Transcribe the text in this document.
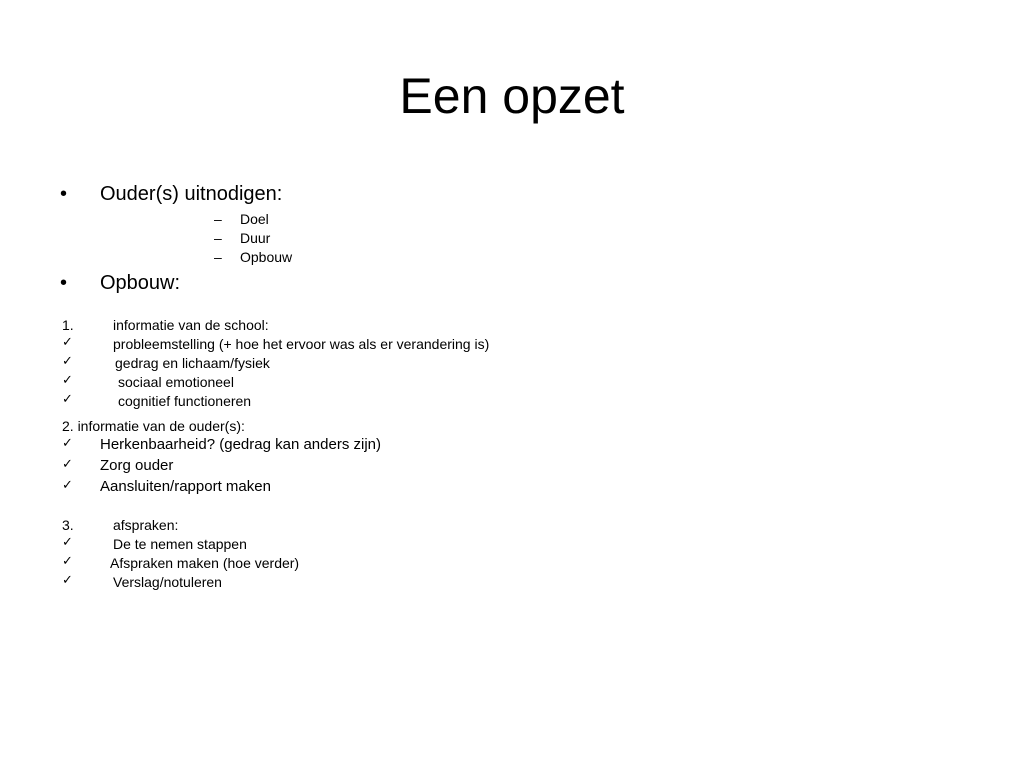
Een opzet
• Ouder(s) uitnodigen:
– Doel
– Duur
– Opbouw
• Opbouw:
1.	informatie van de school:
✓	probleemstelling (+ hoe het ervoor was als er verandering is)
✓	gedrag en lichaam/fysiek
✓	sociaal emotioneel
✓	cognitief functioneren
2. informatie van de ouder(s):
✓ Herkenbaarheid? (gedrag kan anders zijn)
✓ Zorg ouder
✓ Aansluiten/rapport maken
3.	afspraken:
✓	De te nemen stappen
✓	Afspraken maken (hoe verder)
✓	Verslag/notuleren
